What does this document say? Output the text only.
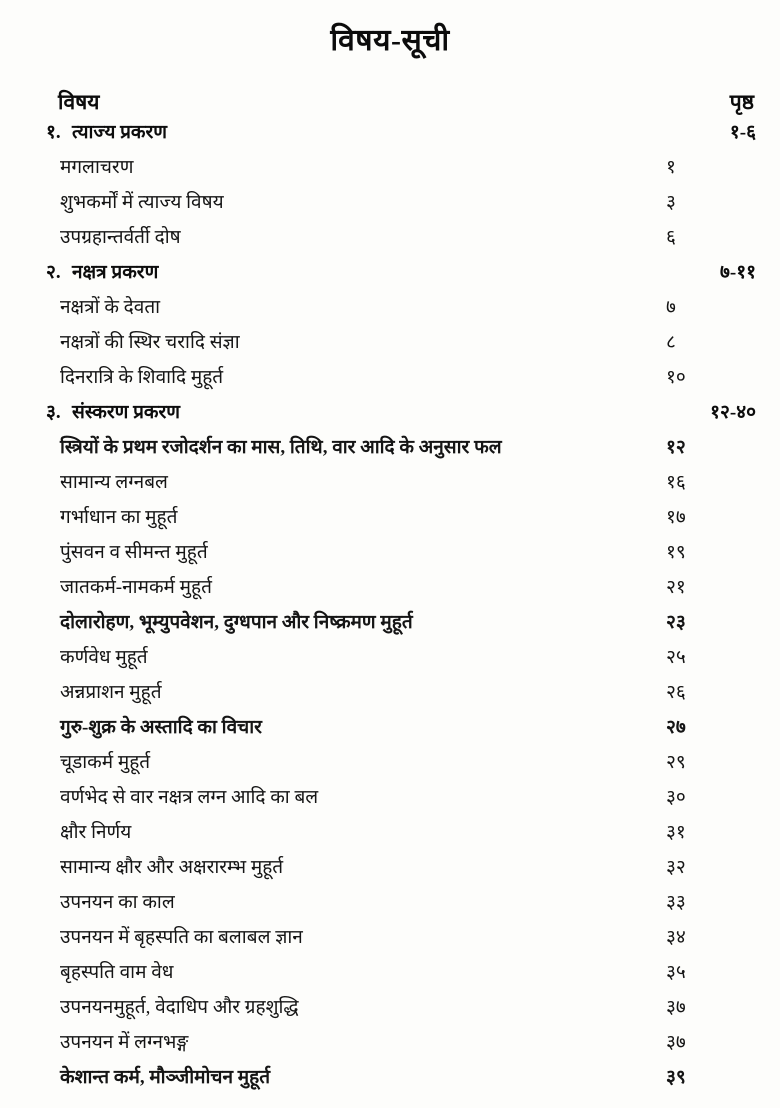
विषय-सूची
विषय	पृष्ठ
१. त्याज्य प्रकरण	१-६
मगलाचरण	१
शुभकर्मों में त्याज्य विषय	३
उपग्रहान्तर्वर्ती दोष	६
२. नक्षत्र प्रकरण	७-११
नक्षत्रों के देवता	७
नक्षत्रों की स्थिर चरादि संज्ञा	८
दिनरात्रि के शिवादि मुहूर्त	१०
३. संस्करण प्रकरण	१२-४०
स्त्रियों के प्रथम रजोदर्शन का मास, तिथि, वार आदि के अनुसार फल	१२
सामान्य लग्नबल	१६
गर्भाधान का मुहूर्त	१७
पुंसवन व सीमन्त मुहूर्त	१९
जातकर्म-नामकर्म मुहूर्त	२१
दोलारोहण, भूम्युपवेशन, दुग्धपान और निष्क्रमण मुहूर्त	२३
कर्णवेध मुहूर्त	२५
अन्नप्राशन मुहूर्त	२६
गुरु-शुक्र के अस्तादि का विचार	२७
चूडाकर्म मुहूर्त	२९
वर्णभेद से वार नक्षत्र लग्न आदि का बल	३०
क्षौर निर्णय	३१
सामान्य क्षौर और अक्षरारम्भ मुहूर्त	३२
उपनयन का काल	३३
उपनयन में बृहस्पति का बलाबल ज्ञान	३४
बृहस्पति वाम वेध	३५
उपनयनमुहूर्त, वेदाधिप और ग्रहशुद्धि	३७
उपनयन में लग्नभङ्ग	३७
केशान्त कर्म, मौञ्जीमोचन मुहूर्त	३९
